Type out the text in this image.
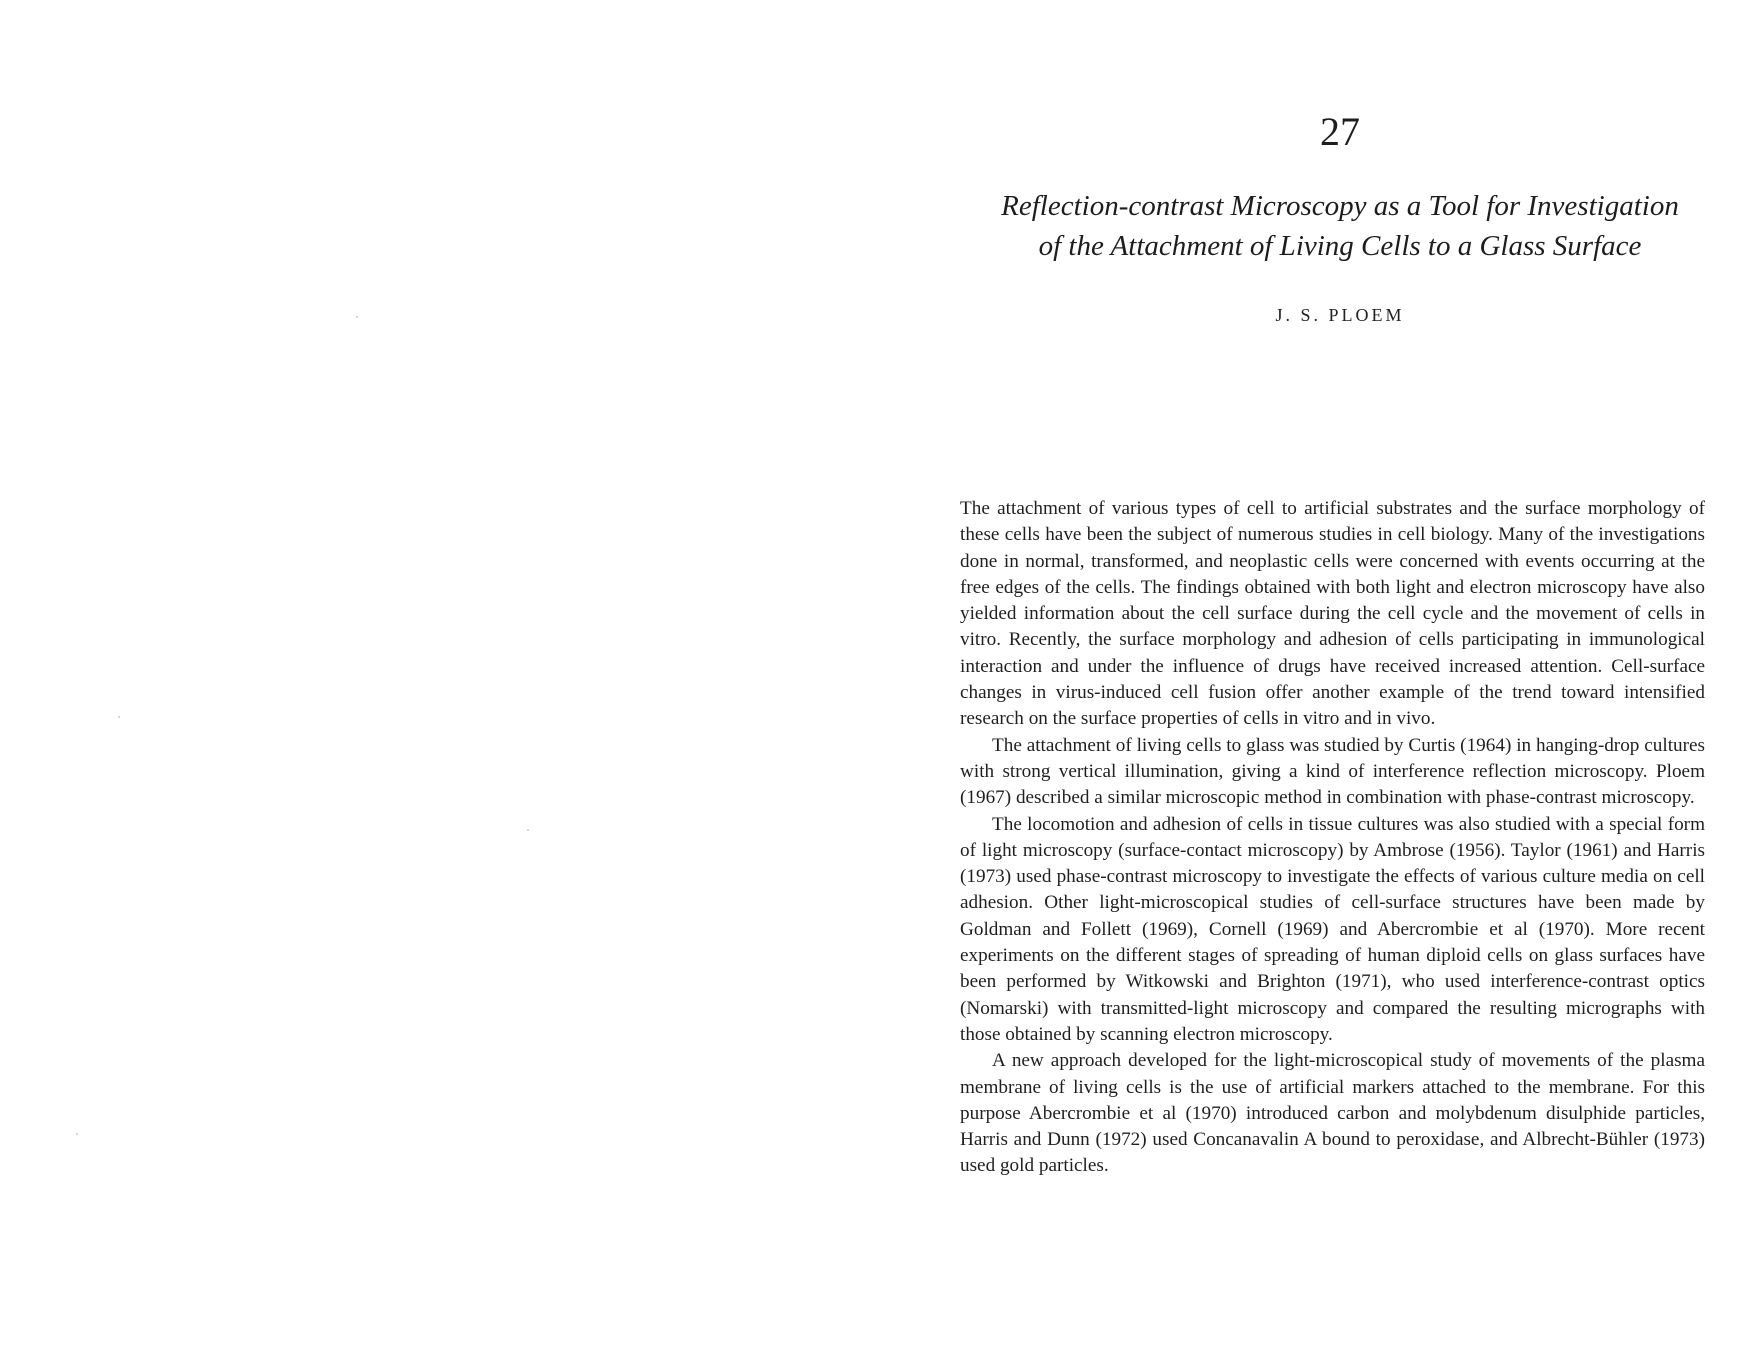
27
Reflection-contrast Microscopy as a Tool for Investigation
of the Attachment of Living Cells to a Glass Surface
J. S. PLOEM

The attachment of various types of cell to artificial substrates and the surface morphology of these cells have been the subject of numerous studies in cell biology. Many of the investigations done in normal, transformed, and neoplastic cells were concerned with events occurring at the free edges of the cells. The findings obtained with both light and electron microscopy have also yielded information about the cell surface during the cell cycle and the movement of cells in vitro. Recently, the surface morphology and adhesion of cells participating in immunological interaction and under the influence of drugs have received increased attention. Cell-surface changes in virus-induced cell fusion offer another example of the trend toward intensified research on the surface properties of cells in vitro and in vivo.

The attachment of living cells to glass was studied by Curtis (1964) in hanging-drop cultures with strong vertical illumination, giving a kind of interference reflection microscopy. Ploem (1967) described a similar microscopic method in combination with phase-contrast microscopy.

The locomotion and adhesion of cells in tissue cultures was also studied with a special form of light microscopy (surface-contact microscopy) by Ambrose (1956). Taylor (1961) and Harris (1973) used phase-contrast microscopy to investigate the effects of various culture media on cell adhesion. Other light-microscopical studies of cell-surface structures have been made by Goldman and Follett (1969), Cornell (1969) and Abercrombie et al (1970). More recent experiments on the different stages of spreading of human diploid cells on glass surfaces have been performed by Witkowski and Brighton (1971), who used interference-contrast optics (Nomarski) with transmitted-light microscopy and compared the resulting micrographs with those obtained by scanning electron microscopy.

A new approach developed for the light-microscopical study of movements of the plasma membrane of living cells is the use of artificial markers attached to the membrane. For this purpose Abercrombie et al (1970) introduced carbon and molybdenum disulphide particles, Harris and Dunn (1972) used Concanavalin A bound to peroxidase, and Albrecht-Bühler (1973) used gold particles.
